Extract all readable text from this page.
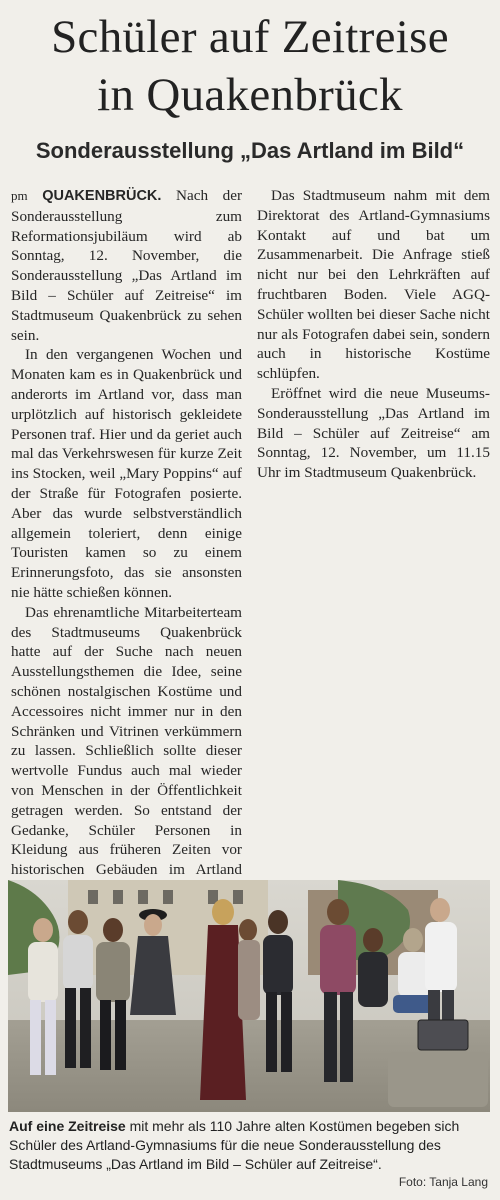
Schüler auf Zeitreise
in Quakenbrück
Sonderausstellung „Das Artland im Bild“

pm QUAKENBRÜCK. Nach der Sonderausstellung zum Reformationsjubiläum wird ab Sonntag, 12. November, die Sonderausstellung „Das Artland im Bild – Schüler auf Zeitreise“ im Stadtmuseum Quakenbrück zu sehen sein.

In den vergangenen Wochen und Monaten kam es in Quakenbrück und anderorts im Artland vor, dass man urplötzlich auf historisch gekleidete Personen traf. Hier und da geriet auch mal das Verkehrswesen für kurze Zeit ins Stocken, weil „Mary Poppins“ auf der Straße für Fotografen posierte. Aber das wurde selbstverständlich allgemein toleriert, denn einige Touristen kamen so zu einem Erinnerungsfoto, das sie ansonsten nie hätte schießen können.

Das ehrenamtliche Mitarbeiterteam des Stadtmuseums Quakenbrück hatte auf der Suche nach neuen Ausstellungsthemen die Idee, seine schönen nostalgischen Kostüme und Accessoires nicht immer nur in den Schränken und Vitrinen verkümmern zu lassen. Schließlich sollte dieser wertvolle Fundus auch mal wieder von Menschen in der Öffentlichkeit getragen werden. So entstand der Gedanke, Schüler Personen in Kleidung aus früheren Zeiten vor historischen Gebäuden im Artland

Das Stadtmuseum nahm mit dem Direktorat des Artland-Gymnasiums Kontakt auf und bat um Zusammenarbeit. Die Anfrage stieß nicht nur bei den Lehrkräften auf fruchtbaren Boden. Viele AGQ-Schüler wollten bei dieser Sache nicht nur als Fotografen dabei sein, sondern auch in historische Kostüme schlüpfen.

Eröffnet wird die neue Museums-Sonderausstellung „Das Artland im Bild – Schüler auf Zeitreise“ am Sonntag, 12. November, um 11.15 Uhr im Stadtmuseum Quakenbrück.

Auf eine Zeitreise mit mehr als 110 Jahre alten Kostümen begeben sich Schüler des Artland-Gymnasiums für die neue Sonderausstellung des Stadtmuseums „Das Artland im Bild – Schüler auf Zeitreise“.
Foto: Tanja Lang
